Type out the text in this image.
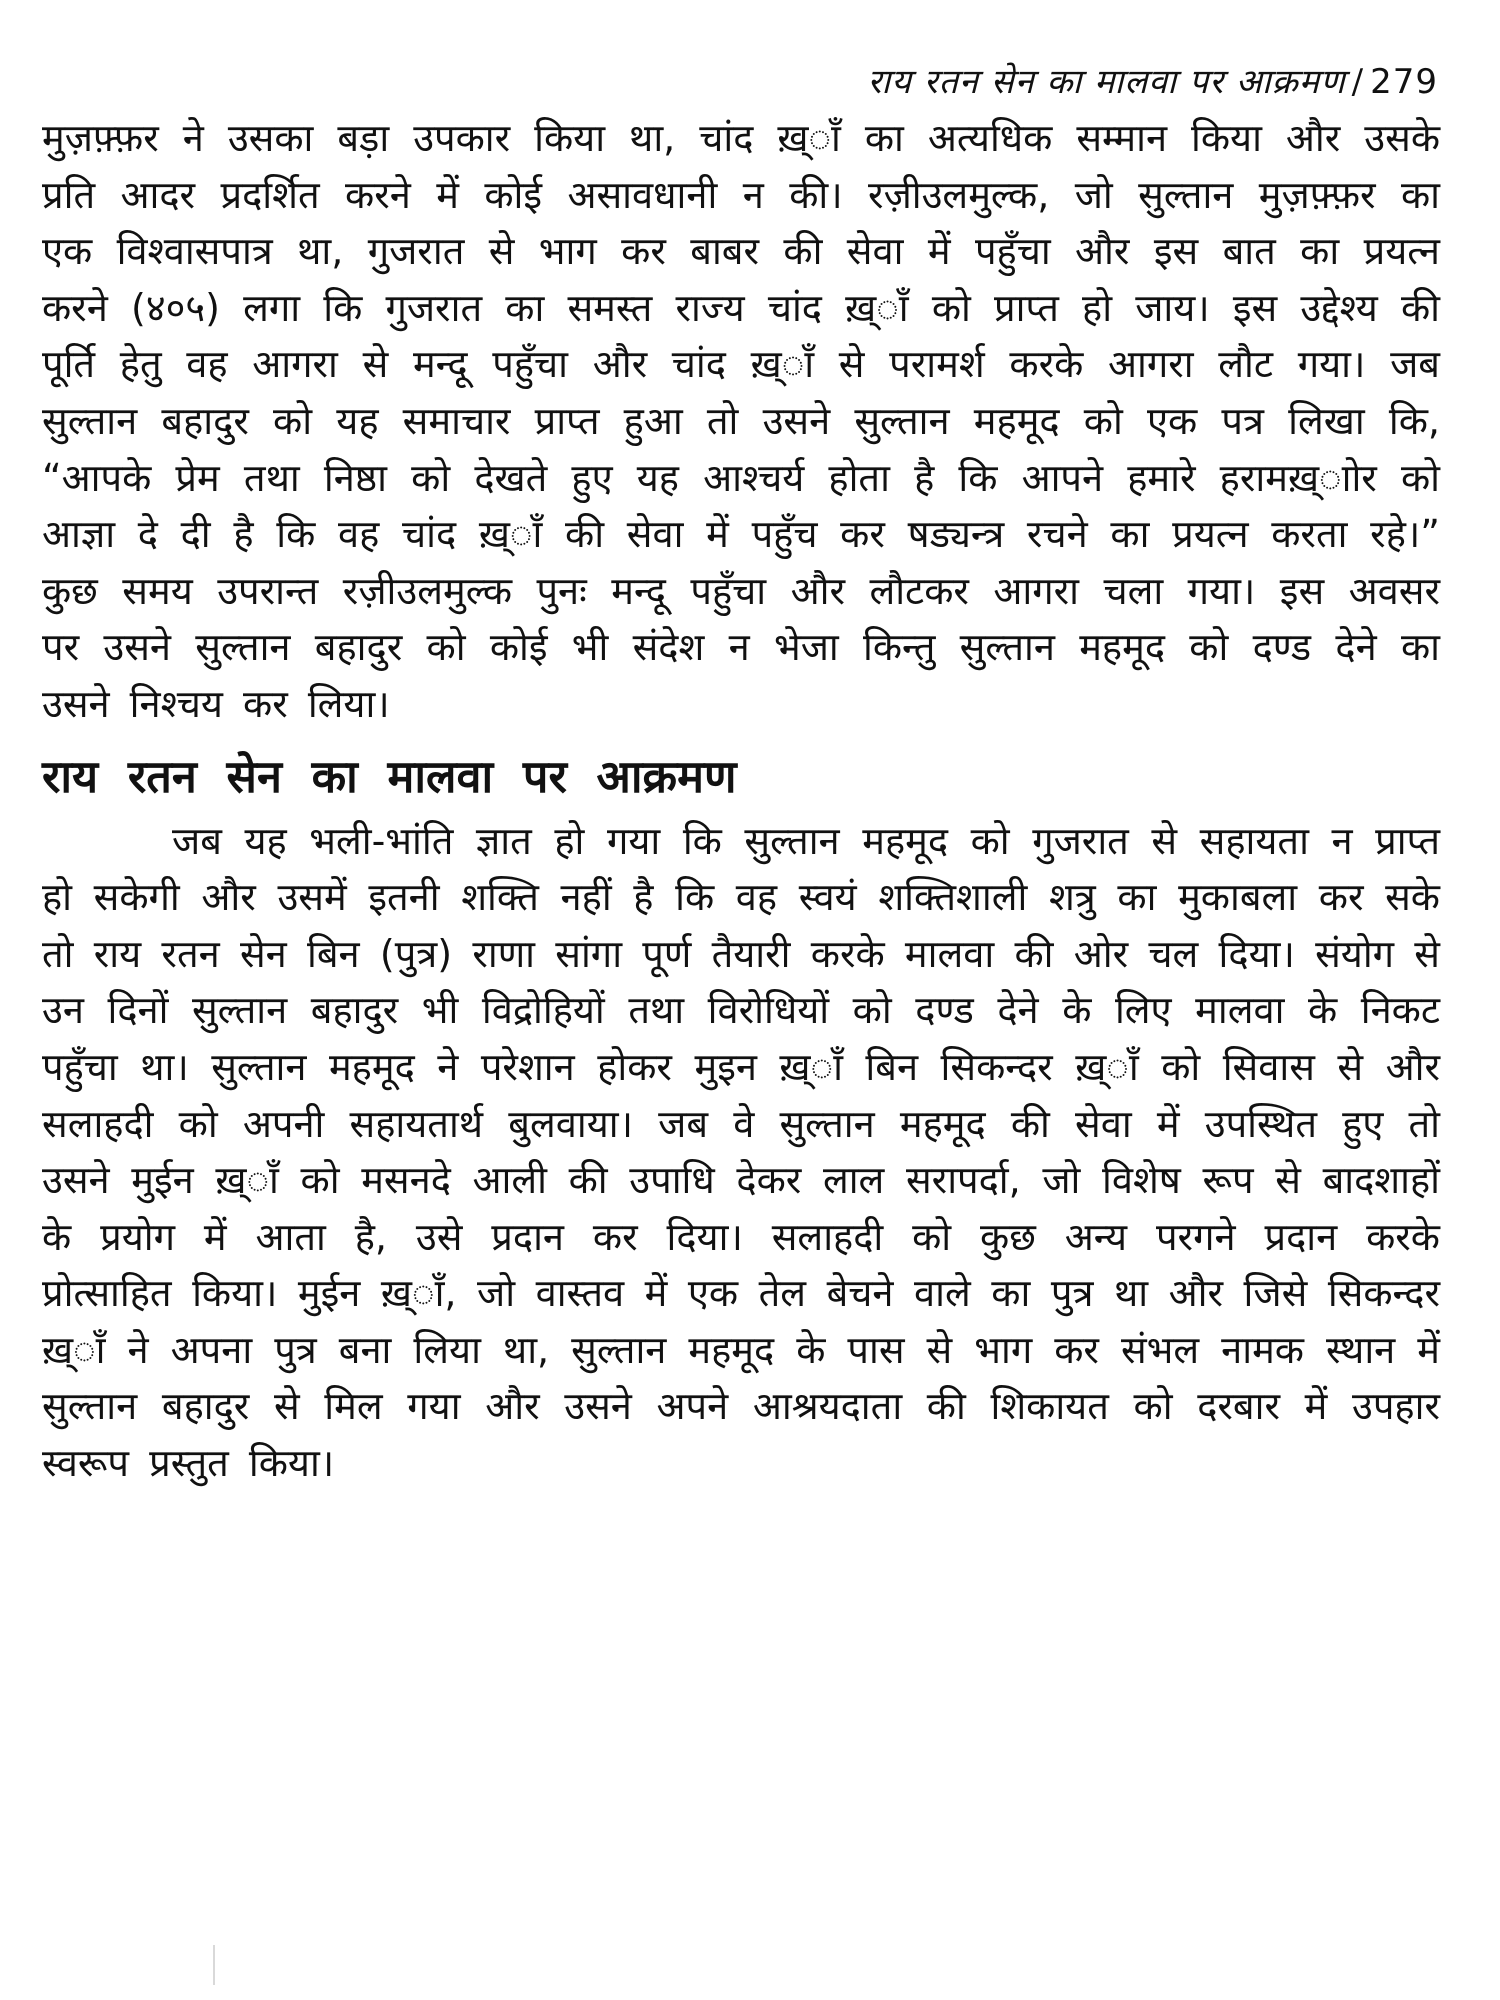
राय रतन सेन का मालवा पर आक्रमण / 279

मुज़फ़्फ़र ने उसका बड़ा उपकार किया था, चांद ख़्ाँ का अत्यधिक सम्मान किया और उसके प्रति आदर प्रदर्शित करने में कोई असावधानी न की। रज़ीउलमुल्क, जो सुल्तान मुज़फ़्फ़र का एक विश्वासपात्र था, गुजरात से भाग कर बाबर की सेवा में पहुँचा और इस बात का प्रयत्न करने (४०५) लगा कि गुजरात का समस्त राज्य चांद ख़्ाँ को प्राप्त हो जाय। इस उद्देश्य की पूर्ति हेतु वह आगरा से मन्दू पहुँचा और चांद ख़्ाँ से परामर्श करके आगरा लौट गया। जब सुल्तान बहादुर को यह समाचार प्राप्त हुआ तो उसने सुल्तान महमूद को एक पत्र लिखा कि, “आपके प्रेम तथा निष्ठा को देखते हुए यह आश्चर्य होता है कि आपने हमारे हरामख़्ाोर को आज्ञा दे दी है कि वह चांद ख़्ाँ की सेवा में पहुँच कर षड्यन्त्र रचने का प्रयत्न करता रहे।” कुछ समय उपरान्त रज़ीउलमुल्क पुनः मन्दू पहुँचा और लौटकर आगरा चला गया। इस अवसर पर उसने सुल्तान बहादुर को कोई भी संदेश न भेजा किन्तु सुल्तान महमूद को दण्ड देने का उसने निश्चय कर लिया।

राय रतन सेन का मालवा पर आक्रमण

जब यह भली-भांति ज्ञात हो गया कि सुल्तान महमूद को गुजरात से सहायता न प्राप्त हो सकेगी और उसमें इतनी शक्ति नहीं है कि वह स्वयं शक्तिशाली शत्रु का मुकाबला कर सके तो राय रतन सेन बिन (पुत्र) राणा सांगा पूर्ण तैयारी करके मालवा की ओर चल दिया। संयोग से उन दिनों सुल्तान बहादुर भी विद्रोहियों तथा विरोधियों को दण्ड देने के लिए मालवा के निकट पहुँचा था। सुल्तान महमूद ने परेशान होकर मुइन ख़्ाँ बिन सिकन्दर ख़्ाँ को सिवास से और सलाहदी को अपनी सहायतार्थ बुलवाया। जब वे सुल्तान महमूद की सेवा में उपस्थित हुए तो उसने मुईन ख़्ाँ को मसनदे आली की उपाधि देकर लाल सरापर्दा, जो विशेष रूप से बादशाहों के प्रयोग में आता है, उसे प्रदान कर दिया। सलाहदी को कुछ अन्य परगने प्रदान करके प्रोत्साहित किया। मुईन ख़्ाँ, जो वास्तव में एक तेल बेचने वाले का पुत्र था और जिसे सिकन्दर ख़्ाँ ने अपना पुत्र बना लिया था, सुल्तान महमूद के पास से भाग कर संभल नामक स्थान में सुल्तान बहादुर से मिल गया और उसने अपने आश्रयदाता की शिकायत को दरबार में उपहार स्वरूप प्रस्तुत किया।
